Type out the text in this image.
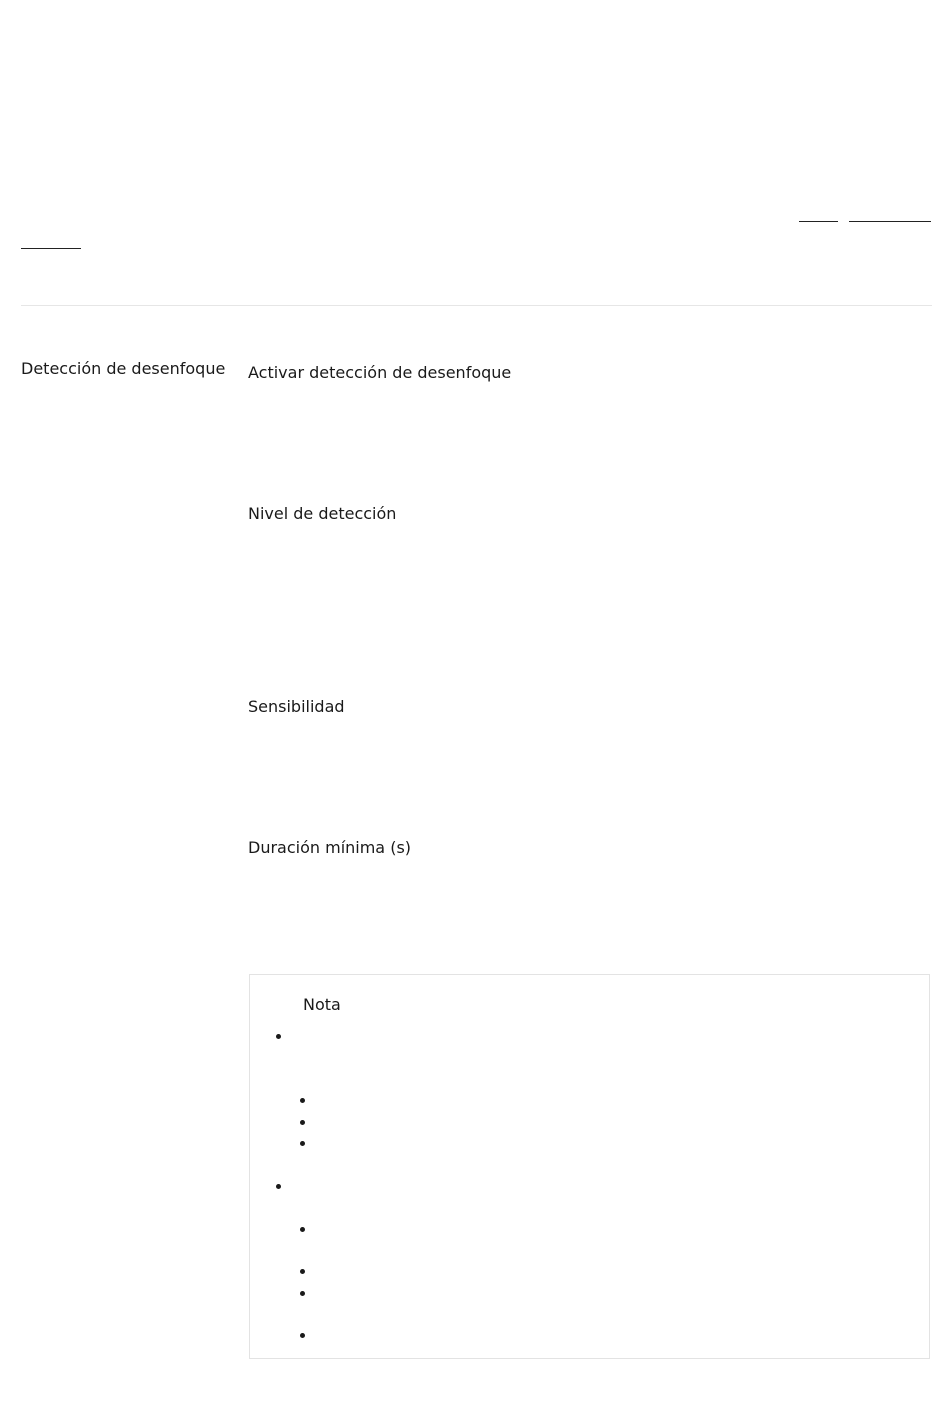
Detección de desenfoque Activar detección de desenfoque
Nivel de detección
Sensibilidad
Duración mínima (s)
Nota
